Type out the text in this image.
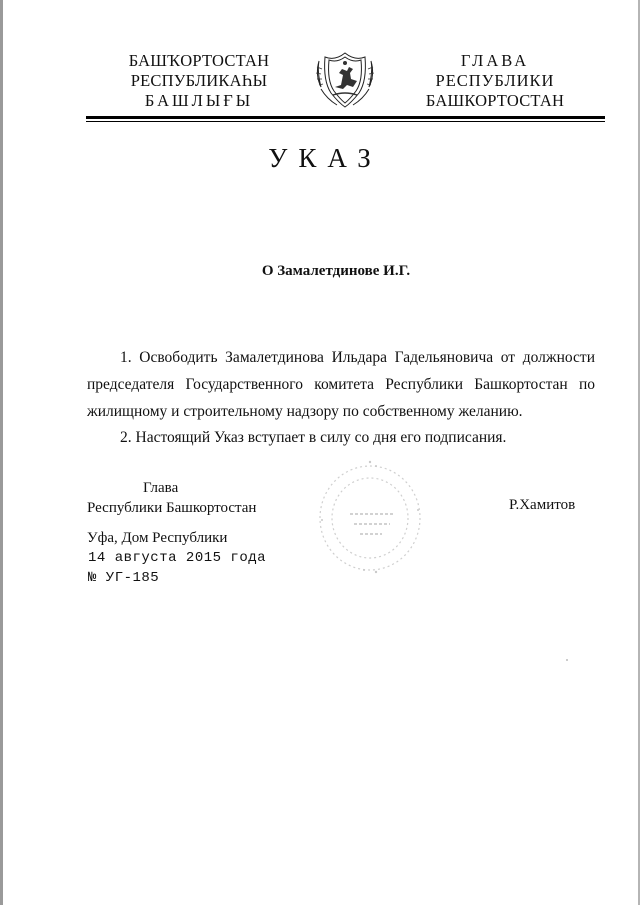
БАШҠОРТОСТАН
РЕСПУБЛИКАҺЫ
БАШЛЫҒЫ
ГЛАВА
РЕСПУБЛИКИ
БАШКОРТОСТАН
УКАЗ
О Замалетдинове И.Г.
1. Освободить Замалетдинова Ильдара Гадельяновича от должности председателя Государственного комитета Республики Башкортостан по жилищному и строительному надзору по собственному желанию.
2. Настоящий Указ вступает в силу со дня его подписания.
Глава
Республики Башкортостан	Р.Хамитов
Уфа, Дом Республики
14 августа 2015 года
№ УГ-185
